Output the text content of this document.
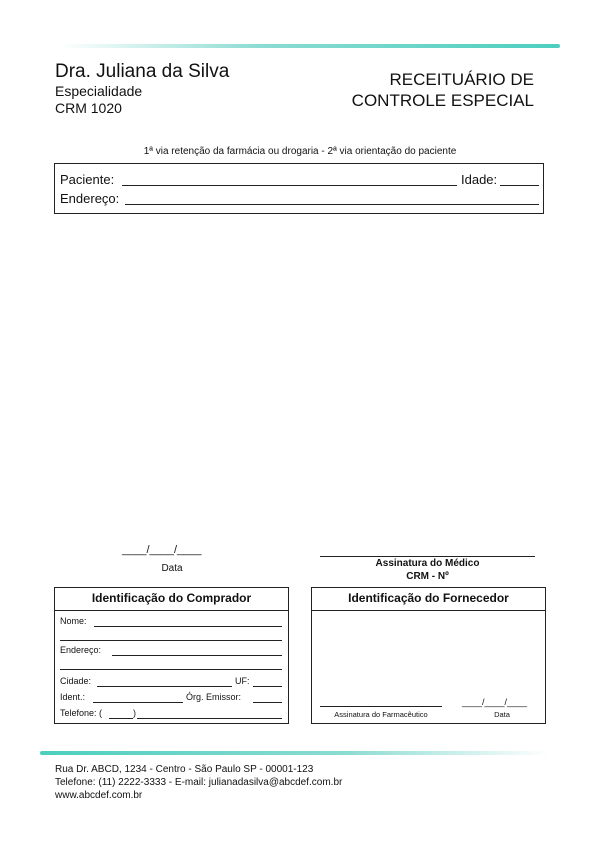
Dra. Juliana da Silva
Especialidade
CRM 1020
RECEITUÁRIO DE
CONTROLE ESPECIAL
1ª via retenção da farmácia ou drogaria - 2ª via orientação do paciente
Paciente:	Idade:
Endereço:
____/____/____
Data	Assinatura do Médico
CRM - Nº
Identificação do Comprador
Nome:
Endereço:
Cidade:	UF:
Ident.:	Órg. Emissor:
Telefone: (	)
Identificação do Fornecedor
Assinatura do Farmacêutico
____/____/____
Data
Rua Dr. ABCD, 1234 - Centro - São Paulo SP - 00001-123
Telefone: (11) 2222-3333 - E-mail: julianadasilva@abcdef.com.br
www.abcdef.com.br
